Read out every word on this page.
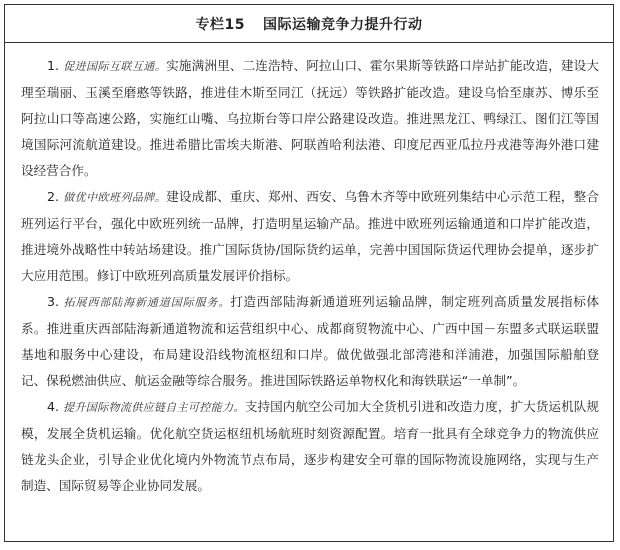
专栏15 国际运输竞争力提升行动

1. 促进国际互联互通。实施满洲里、二连浩特、阿拉山口、霍尔果斯等铁路口岸站扩能改造，建设大理至瑞丽、玉溪至磨憨等铁路，推进佳木斯至同江（抚远）等铁路扩能改造。建设乌恰至康苏、博乐至阿拉山口等高速公路，实施红山嘴、乌拉斯台等口岸公路建设改造。推进黑龙江、鸭绿江、图们江等国境国际河流航道建设。推进希腊比雷埃夫斯港、阿联酋哈利法港、印度尼西亚瓜拉丹戎港等海外港口建设经营合作。

2. 做优中欧班列品牌。建设成都、重庆、郑州、西安、乌鲁木齐等中欧班列集结中心示范工程，整合班列运行平台，强化中欧班列统一品牌，打造明星运输产品。推进中欧班列运输通道和口岸扩能改造，推进境外战略性中转站场建设。推广国际货协/国际货约运单，完善中国国际货运代理协会提单，逐步扩大应用范围。修订中欧班列高质量发展评价指标。

3. 拓展西部陆海新通道国际服务。打造西部陆海新通道班列运输品牌，制定班列高质量发展指标体系。推进重庆西部陆海新通道物流和运营组织中心、成都商贸物流中心、广西中国－东盟多式联运联盟基地和服务中心建设，布局建设沿线物流枢纽和口岸。做优做强北部湾港和洋浦港，加强国际船舶登记、保税燃油供应、航运金融等综合服务。推进国际铁路运单物权化和海铁联运“一单制”。

4. 提升国际物流供应链自主可控能力。支持国内航空公司加大全货机引进和改造力度，扩大货运机队规模，发展全货机运输。优化航空货运枢纽机场航班时刻资源配置。培育一批具有全球竞争力的物流供应链龙头企业，引导企业优化境内外物流节点布局，逐步构建安全可靠的国际物流设施网络，实现与生产制造、国际贸易等企业协同发展。
